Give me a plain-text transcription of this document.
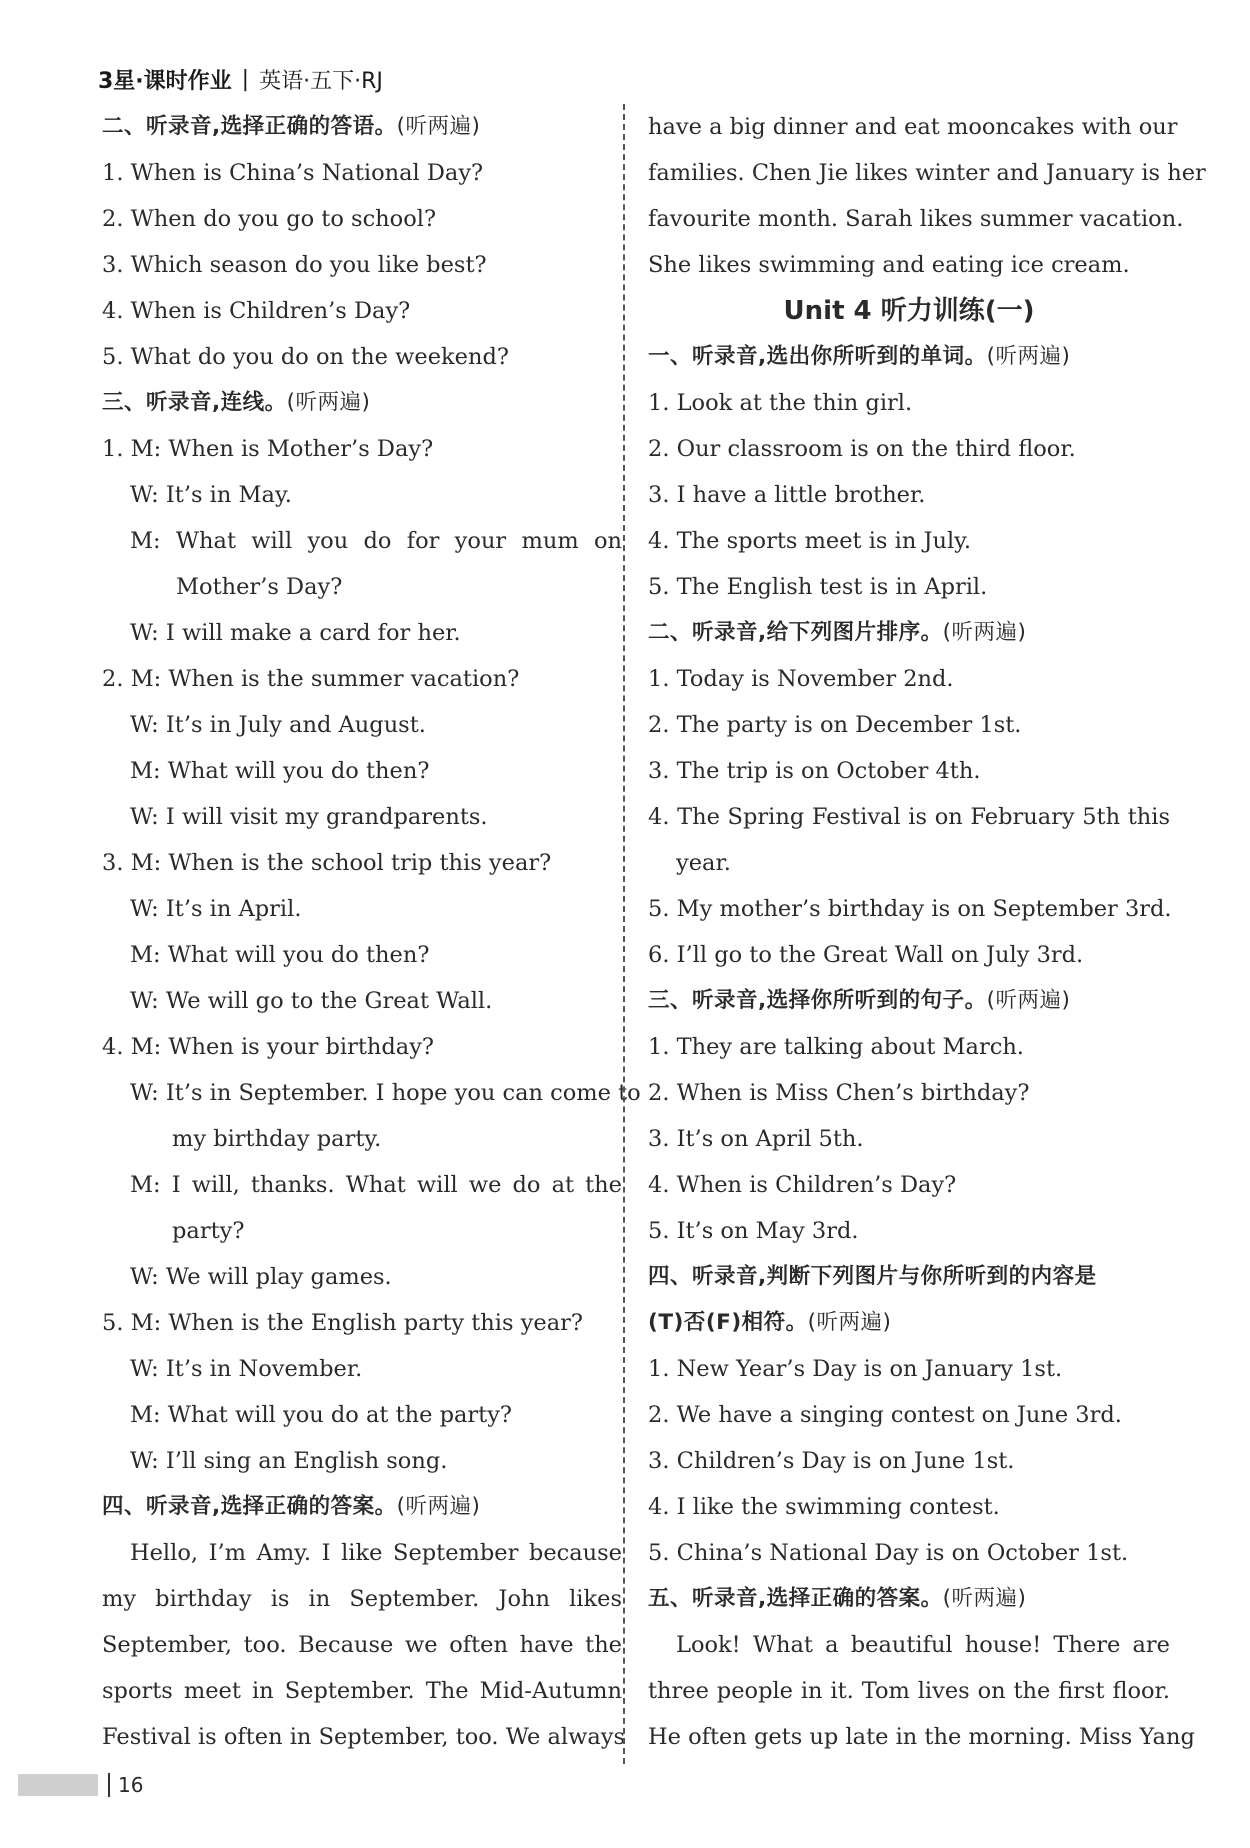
3星·课时作业 | 英语·五下·RJ
二、听录音,选择正确的答语。(听两遍)
1. When is China’s National Day?
2. When do you go to school?
3. Which season do you like best?
4. When is Children’s Day?
5. What do you do on the weekend?
三、听录音,连线。(听两遍)
1. M: When is Mother’s Day?
W: It’s in May.
M: What will you do for your mum on
Mother’s Day?
W: I will make a card for her.
2. M: When is the summer vacation?
W: It’s in July and August.
M: What will you do then?
W: I will visit my grandparents.
3. M: When is the school trip this year?
W: It’s in April.
M: What will you do then?
W: We will go to the Great Wall.
4. M: When is your birthday?
W: It’s in September. I hope you can come to
my birthday party.
M: I will, thanks. What will we do at the
party?
W: We will play games.
5. M: When is the English party this year?
W: It’s in November.
M: What will you do at the party?
W: I’ll sing an English song.
四、听录音,选择正确的答案。(听两遍)
Hello, I’m Amy. I like September because
my birthday is in September. John likes
September, too. Because we often have the
sports meet in September. The Mid-Autumn
Festival is often in September, too. We always
have a big dinner and eat mooncakes with our
families. Chen Jie likes winter and January is her
favourite month. Sarah likes summer vacation.
She likes swimming and eating ice cream.
Unit 4 听力训练(一)
一、听录音,选出你所听到的单词。(听两遍)
1. Look at the thin girl.
2. Our classroom is on the third floor.
3. I have a little brother.
4. The sports meet is in July.
5. The English test is in April.
二、听录音,给下列图片排序。(听两遍)
1. Today is November 2nd.
2. The party is on December 1st.
3. The trip is on October 4th.
4. The Spring Festival is on February 5th this
year.
5. My mother’s birthday is on September 3rd.
6. I’ll go to the Great Wall on July 3rd.
三、听录音,选择你所听到的句子。(听两遍)
1. They are talking about March.
2. When is Miss Chen’s birthday?
3. It’s on April 5th.
4. When is Children’s Day?
5. It’s on May 3rd.
四、听录音,判断下列图片与你所听到的内容是
(T)否(F)相符。(听两遍)
1. New Year’s Day is on January 1st.
2. We have a singing contest on June 3rd.
3. Children’s Day is on June 1st.
4. I like the swimming contest.
5. China’s National Day is on October 1st.
五、听录音,选择正确的答案。(听两遍)
Look! What a beautiful house! There are
three people in it. Tom lives on the first floor.
He often gets up late in the morning. Miss Yang
16
